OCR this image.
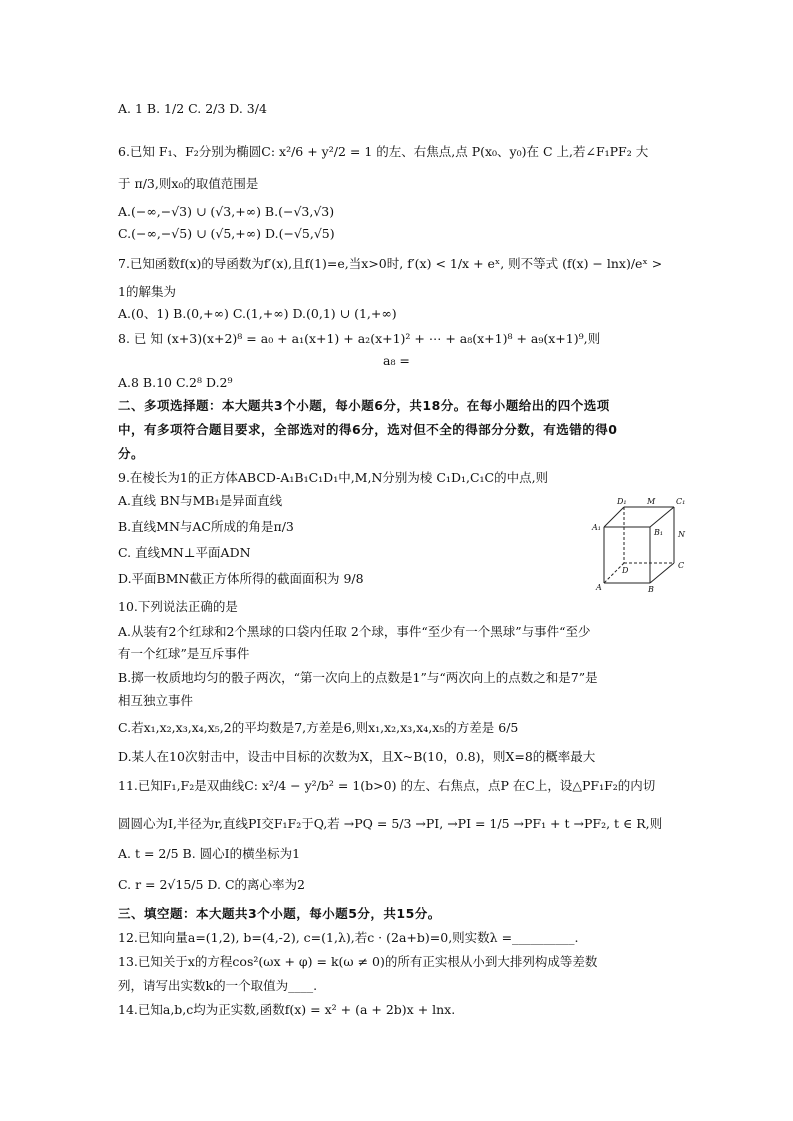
A. 1 B. 1/2 C. 2/3 D. 3/4
6.已知 F₁、F₂分别为椭圆C: x²/6 + y²/2 = 1 的左、右焦点,点 P(x₀、y₀)在 C 上,若∠F₁PF₂ 大
于 π/3,则x₀的取值范围是
A.(−∞,−√3) ∪ (√3,+∞) B.(−√3,√3)
C.(−∞,−√5) ∪ (√5,+∞) D.(−√5,√5)
7.已知函数f(x)的导函数为f′(x),且f(1)=e,当x>0时, f′(x) < 1/x + eˣ, 则不等式 (f(x) − lnx)/eˣ >
1的解集为
A.(0、1) B.(0,+∞) C.(1,+∞) D.(0,1) ∪ (1,+∞)
8. 已 知 (x+3)(x+2)⁸ = a₀ + a₁(x+1) + a₂(x+1)² + ⋯ + a₈(x+1)⁸ + a₉(x+1)⁹,则
a₈ =
A.8 B.10 C.2⁸ D.2⁹
二、多项选择题：本大题共3个小题，每小题6分，共18分。在每小题给出的四个选项
中，有多项符合题目要求，全部选对的得6分，选对但不全的得部分分数，有选错的得0
分。
9.在棱长为1的正方体ABCD-A₁B₁C₁D₁中,M,N分别为棱 C₁D₁,C₁C的中点,则
A.直线 BN与MB₁是异面直线
B.直线MN与AC所成的角是π/3
C. 直线MN⊥平面ADN
D.平面BMN截正方体所得的截面面积为 9/8
10.下列说法正确的是
A.从装有2个红球和2个黑球的口袋内任取 2个球，事件“至少有一个黑球”与事件“至少
有一个红球”是互斥事件
B.掷一枚质地均匀的骰子两次，“第一次向上的点数是1”与“两次向上的点数之和是7”是
相互独立事件
C.若x₁,x₂,x₃,x₄,x₅,2的平均数是7,方差是6,则x₁,x₂,x₃,x₄,x₅的方差是 6/5
D.某人在10次射击中，设击中目标的次数为X，且X~B(10，0.8)，则X=8的概率最大
11.已知F₁,F₂是双曲线C: x²/4 − y²/b² = 1(b>0) 的左、右焦点，点P 在C上，设△PF₁F₂的内切
圆圆心为I,半径为r,直线PI交F₁F₂于Q,若 →PQ = 5/3 →PI, →PI = 1/5 →PF₁ + t →PF₂, t ∈ R,则
A. t = 2/5 B. 圆心I的横坐标为1
C. r = 2√15/5 D. C的离心率为2
三、填空题：本大题共3个小题，每小题5分，共15分。
12.已知向量a=(1,2), b=(4,-2), c=(1,λ),若c · (2a+b)=0,则实数λ =__________.
13.已知关于x的方程cos²(ωx + φ) = k(ω ≠ 0)的所有正实根从小到大排列构成等差数
列，请写出实数k的一个取值为____.
14.已知a,b,c均为正实数,函数f(x) = x² + (a + 2b)x + lnx.
D₁	M	C₁
A₁
B₁ N
D
C
A	B
